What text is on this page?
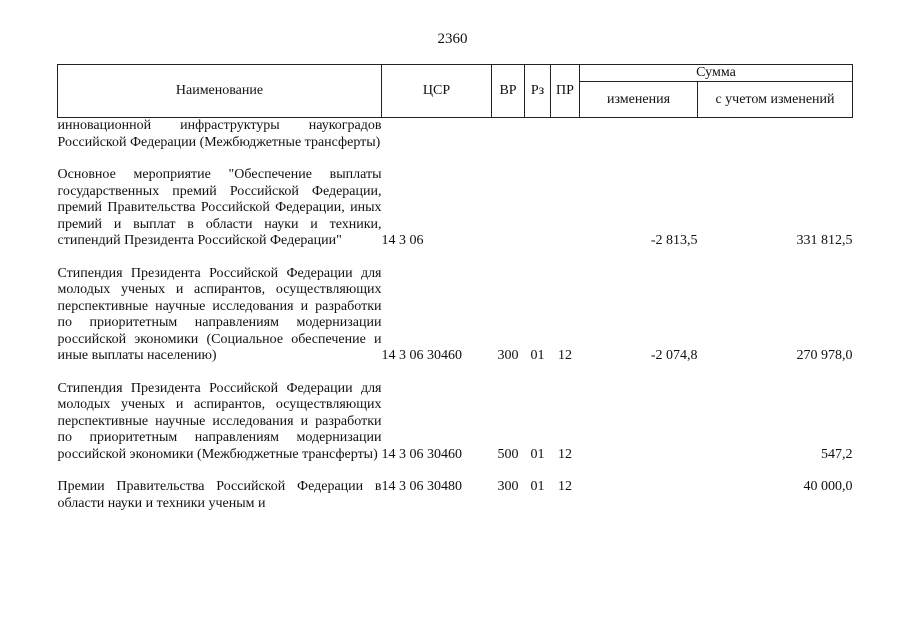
2360
Наименование	ЦСР	ВР	Рз	ПР	Сумма	
					изменения	с учетом изменений
инновационной инфраструктуры наукоградов Российской Федерации (Межбюджетные трансферты)						

Основное мероприятие "Обеспечение выплаты государственных премий Российской Федерации, премий Правительства Российской Федерации, иных премий и выплат в области науки и техники, стипендий Президента Российской Федерации"	14 3 06				-2 813,5	331 812,5

Стипендия Президента Российской Федерации для молодых ученых и аспирантов, осуществляющих перспективные научные исследования и разработки по приоритетным направлениям модернизации российской экономики (Социальное обеспечение и иные выплаты населению)	14 3 06 30460	300	01	12	-2 074,8	270 978,0

Стипендия Президента Российской Федерации для молодых ученых и аспирантов, осуществляющих перспективные научные исследования и разработки по приоритетным направлениям модернизации российской экономики (Межбюджетные трансферты)	14 3 06 30460	500	01	12		547,2

Премии Правительства Российской Федерации в области науки и техники ученым и	14 3 06 30480	300	01	12		40 000,0
